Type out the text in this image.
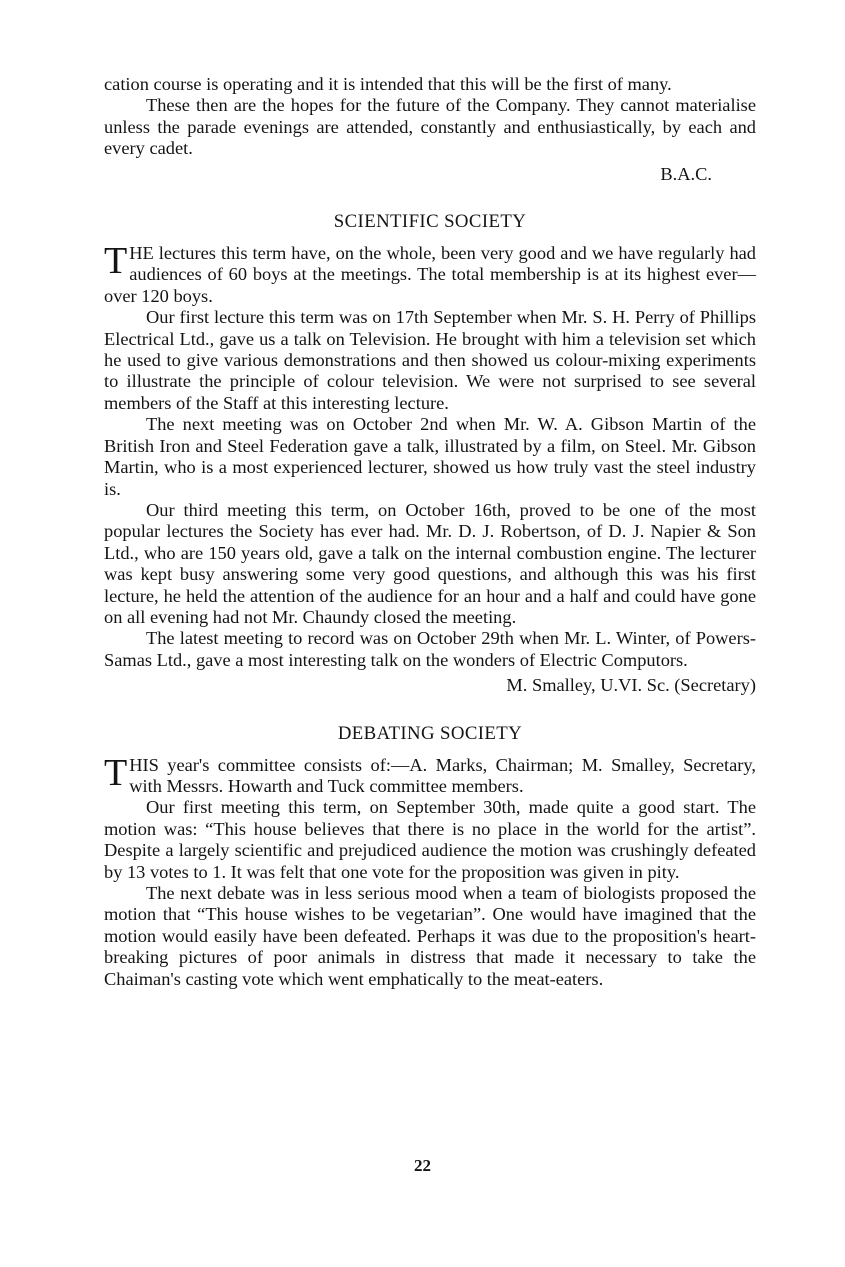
cation course is operating and it is intended that this will be the first of many.

These then are the hopes for the future of the Company. They cannot materialise unless the parade evenings are attended, constantly and enthusiastically, by each and every cadet.

B.A.C.

SCIENTIFIC SOCIETY

THE lectures this term have, on the whole, been very good and we have regularly had audiences of 60 boys at the meetings. The total membership is at its highest ever—over 120 boys.

Our first lecture this term was on 17th September when Mr. S. H. Perry of Phillips Electrical Ltd., gave us a talk on Television. He brought with him a television set which he used to give various demonstrations and then showed us colour-mixing experiments to illustrate the principle of colour television. We were not surprised to see several members of the Staff at this interesting lecture.

The next meeting was on October 2nd when Mr. W. A. Gibson Martin of the British Iron and Steel Federation gave a talk, illustrated by a film, on Steel. Mr. Gibson Martin, who is a most experienced lecturer, showed us how truly vast the steel industry is.

Our third meeting this term, on October 16th, proved to be one of the most popular lectures the Society has ever had. Mr. D. J. Robertson, of D. J. Napier & Son Ltd., who are 150 years old, gave a talk on the internal combustion engine. The lecturer was kept busy answering some very good questions, and although this was his first lecture, he held the attention of the audience for an hour and a half and could have gone on all evening had not Mr. Chaundy closed the meeting.

The latest meeting to record was on October 29th when Mr. L. Winter, of Powers-Samas Ltd., gave a most interesting talk on the wonders of Electric Computors.

M. Smalley, U.VI. Sc. (Secretary)

DEBATING SOCIETY

THIS year's committee consists of:—A. Marks, Chairman; M. Smalley, Secretary, with Messrs. Howarth and Tuck committee members.

Our first meeting this term, on September 30th, made quite a good start. The motion was: “This house believes that there is no place in the world for the artist”. Despite a largely scientific and prejudiced audience the motion was crushingly defeated by 13 votes to 1. It was felt that one vote for the proposition was given in pity.

The next debate was in less serious mood when a team of biologists proposed the motion that “This house wishes to be vegetarian”. One would have imagined that the motion would easily have been defeated. Perhaps it was due to the proposition's heart-breaking pictures of poor animals in distress that made it necessary to take the Chaiman's casting vote which went emphatically to the meat-eaters.

22
